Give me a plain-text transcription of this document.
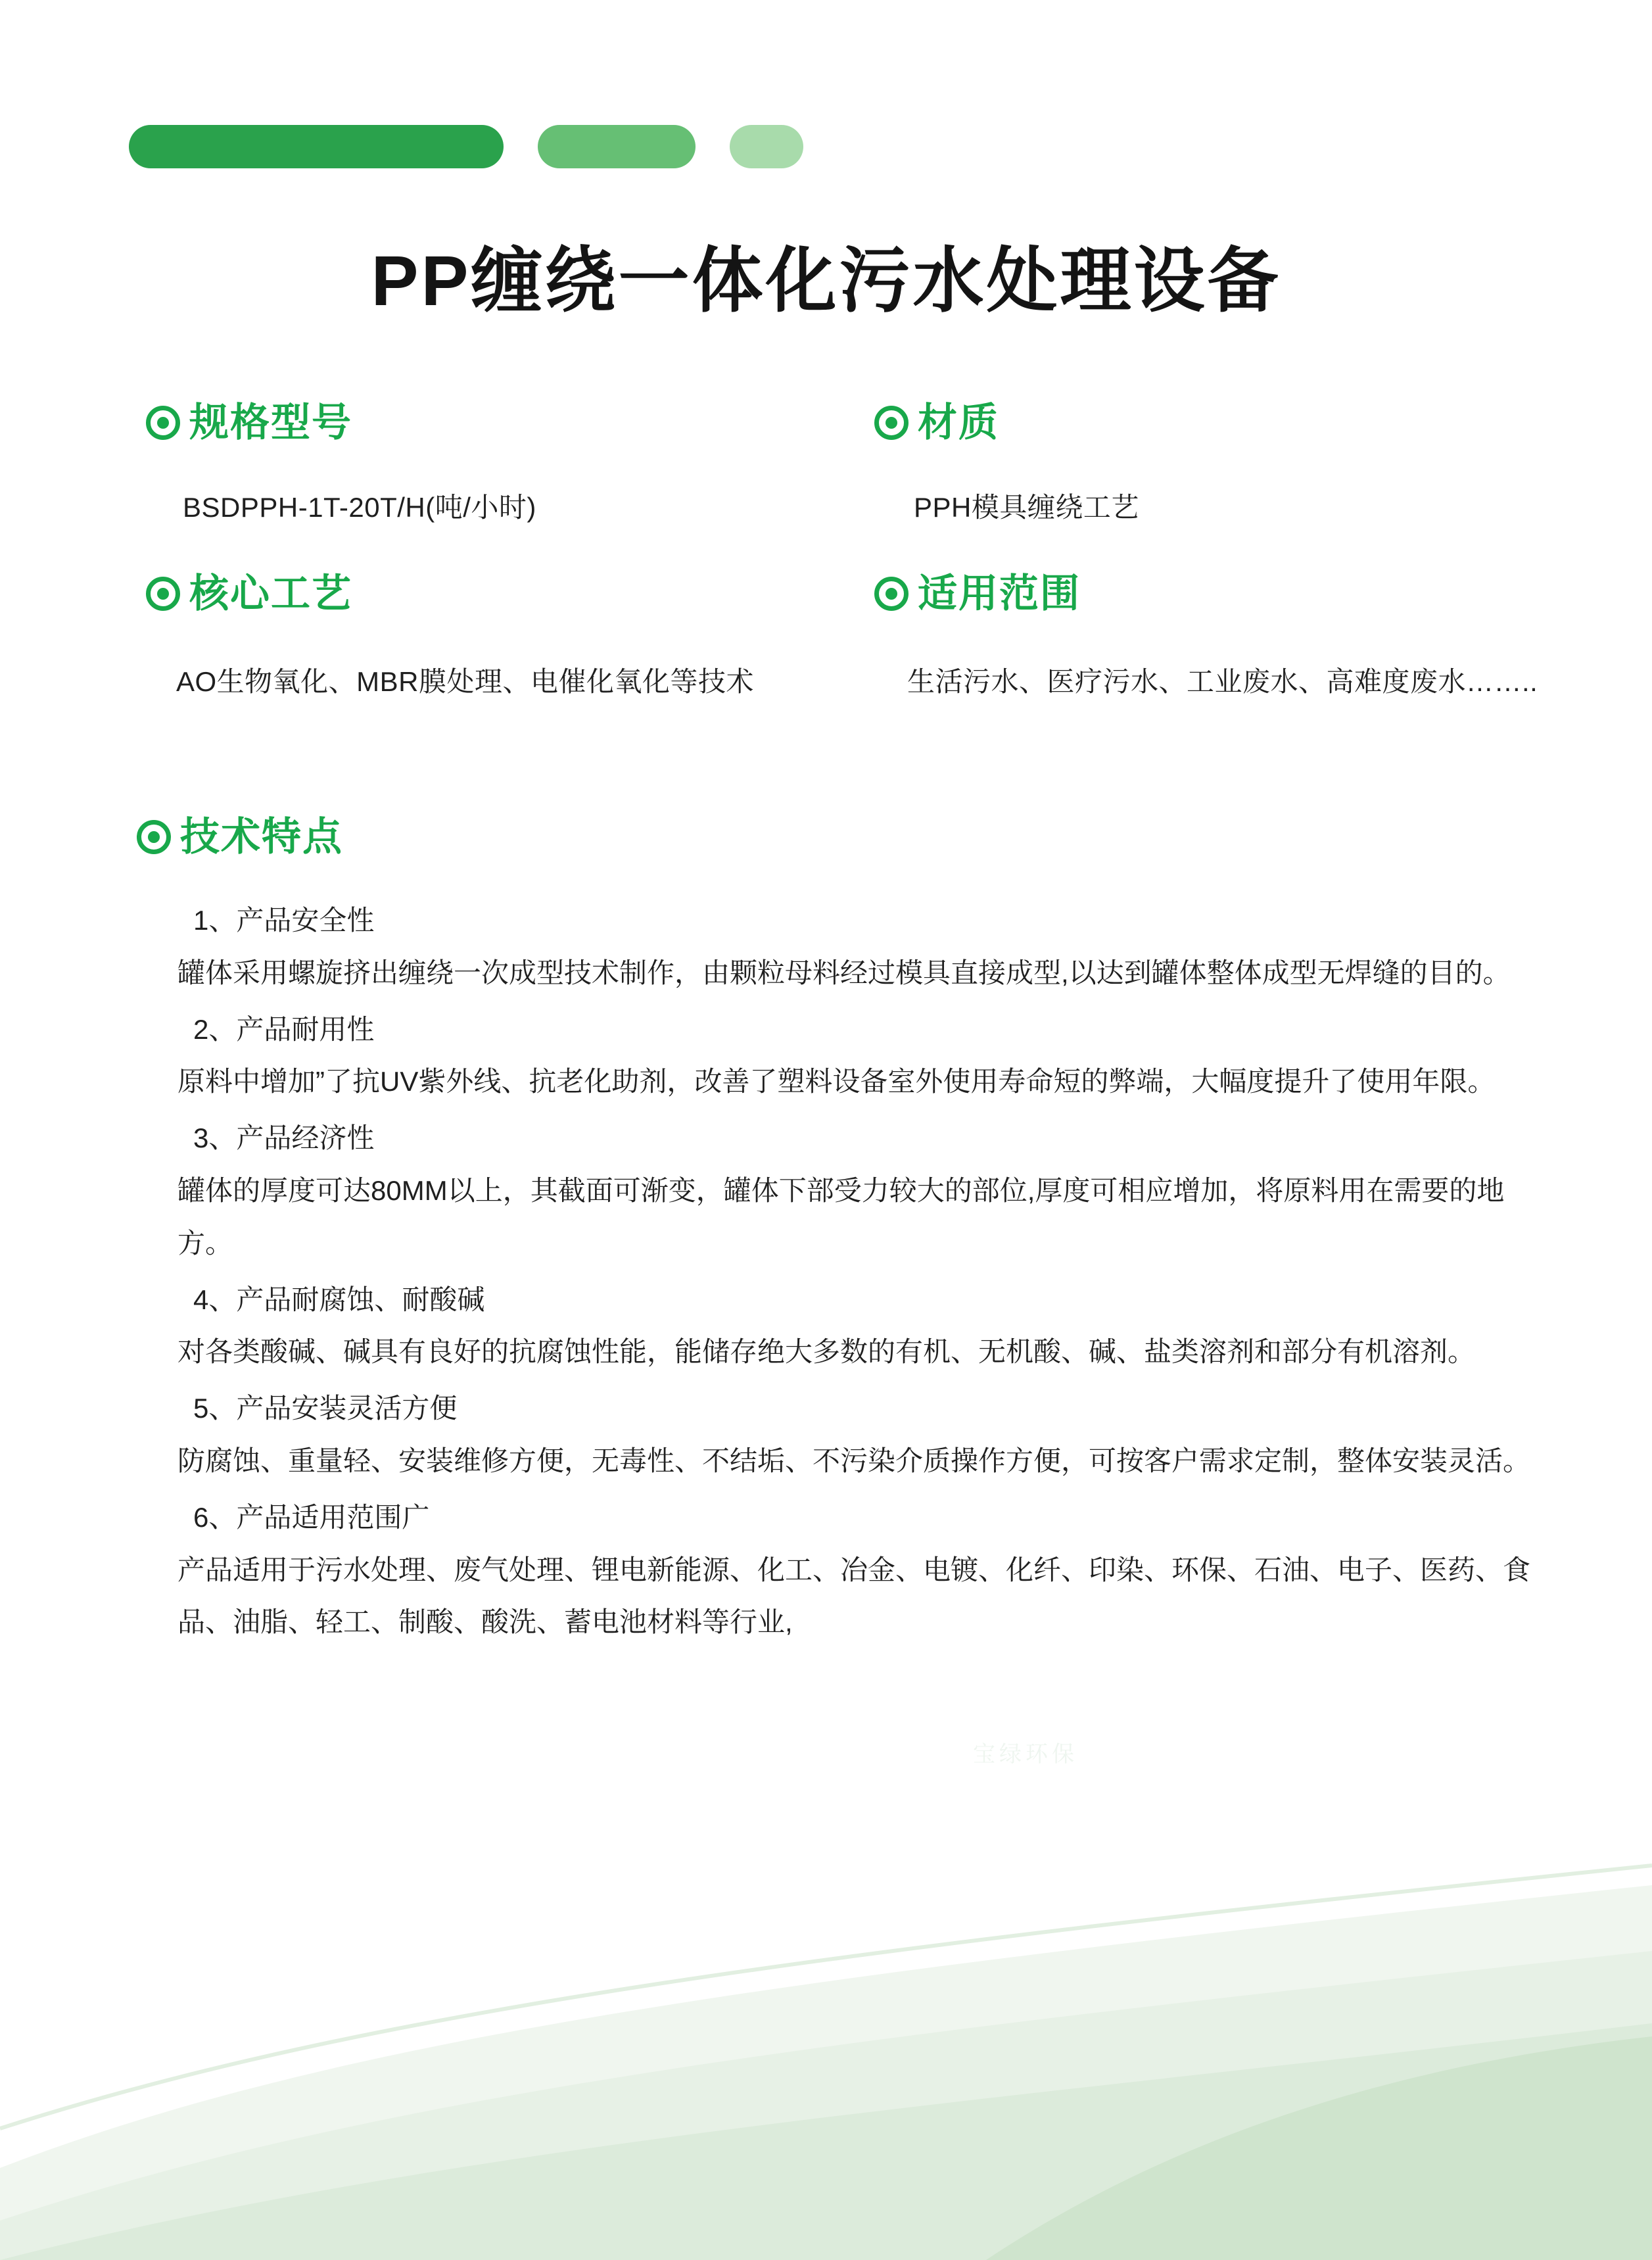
宝绿环保
PP缠绕一体化污水处理设备
规格型号
BSDPPH-1T-20T/H(吨/小时)
材质
PPH模具缠绕工艺
核心工艺
AO生物氧化、MBR膜处理、电催化氧化等技术
适用范围
生活污水、医疗污水、工业废水、高难度废水……..
技术特点
1、产品安全性
罐体采用螺旋挤出缠绕一次成型技术制作，由颗粒母料经过模具直接成型,以达到罐体整体成型无焊缝的目的。
2、产品耐用性
原料中增加”了抗UV紫外线、抗老化助剂，改善了塑料设备室外使用寿命短的弊端，大幅度提升了使用年限。
3、产品经济性
罐体的厚度可达80MM以上，其截面可渐变，罐体下部受力较大的部位,厚度可相应增加，将原料用在需要的地方。
4、产品耐腐蚀、耐酸碱
对各类酸碱、碱具有良好的抗腐蚀性能，能储存绝大多数的有机、无机酸、碱、盐类溶剂和部分有机溶剂。
5、产品安装灵活方便
防腐蚀、重量轻、安装维修方便，无毒性、不结垢、不污染介质操作方便，可按客户需求定制，整体安装灵活。
6、产品适用范围广
产品适用于污水处理、废气处理、锂电新能源、化工、冶金、电镀、化纤、印染、环保、石油、电子、医药、食品、油脂、轻工、制酸、酸洗、蓄电池材料等行业,
